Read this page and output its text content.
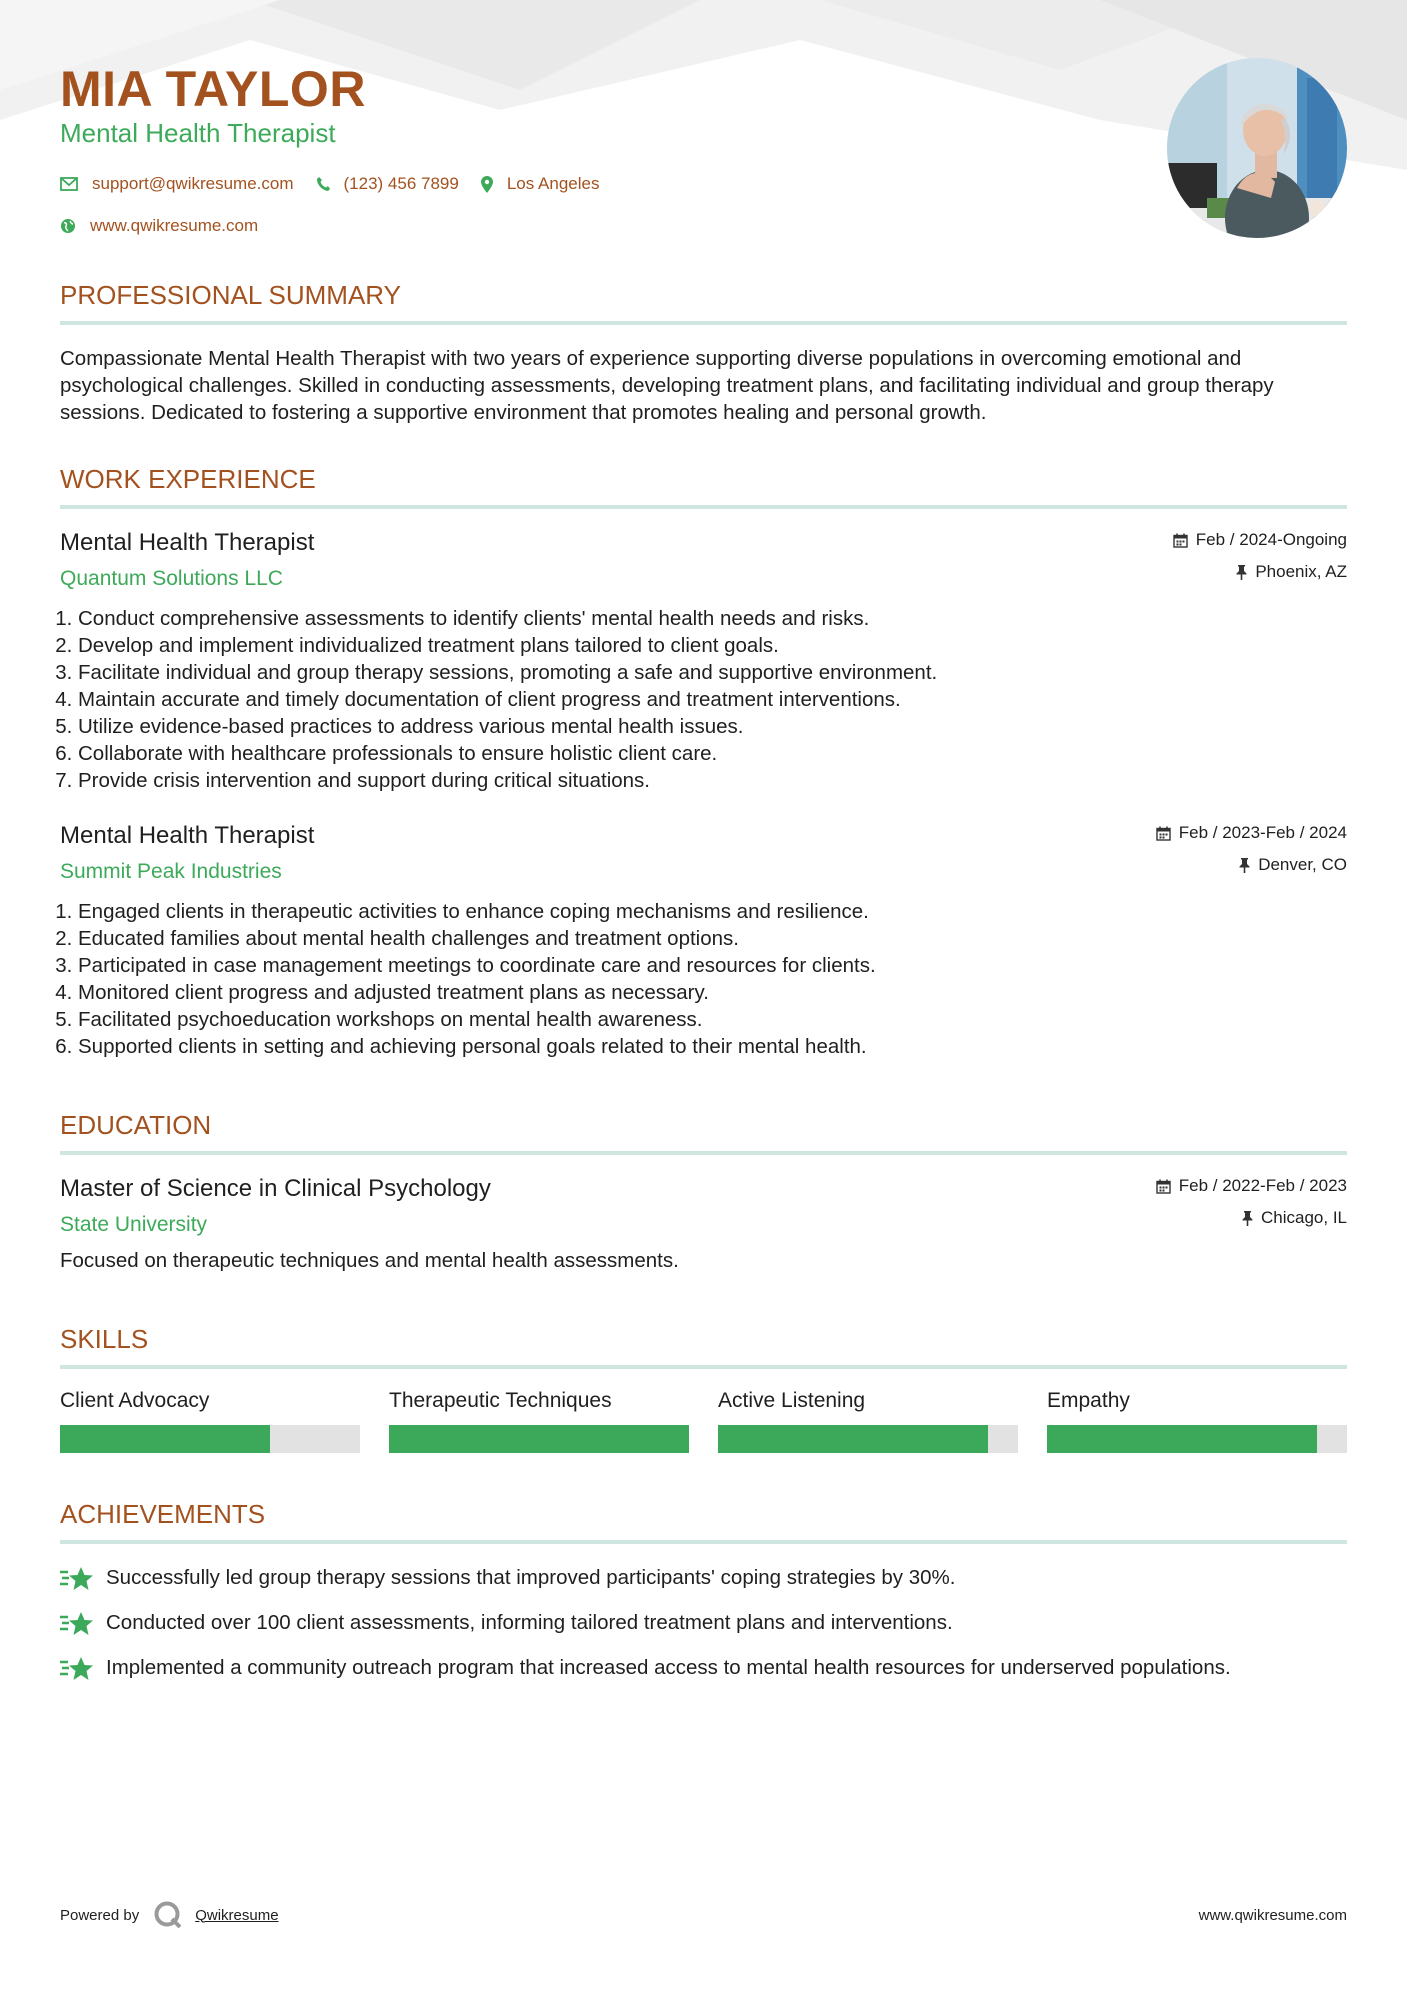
MIA TAYLOR
Mental Health Therapist
support@qwikresume.com	(123) 456 7899	Los Angeles
www.qwikresume.com
PROFESSIONAL SUMMARY

Compassionate Mental Health Therapist with two years of experience supporting diverse populations in overcoming emotional and psychological challenges. Skilled in conducting assessments, developing treatment plans, and facilitating individual and group therapy sessions. Dedicated to fostering a supportive environment that promotes healing and personal growth.

WORK EXPERIENCE
Mental Health Therapist
Quantum Solutions LLC
Feb / 2024-Ongoing
Phoenix, AZ
1. Conduct comprehensive assessments to identify clients' mental health needs and risks.
2. Develop and implement individualized treatment plans tailored to client goals.
3. Facilitate individual and group therapy sessions, promoting a safe and supportive environment.
4. Maintain accurate and timely documentation of client progress and treatment interventions.
5. Utilize evidence-based practices to address various mental health issues.
6. Collaborate with healthcare professionals to ensure holistic client care.
7. Provide crisis intervention and support during critical situations.
Mental Health Therapist
Summit Peak Industries
Feb / 2023-Feb / 2024
Denver, CO
1. Engaged clients in therapeutic activities to enhance coping mechanisms and resilience.
2. Educated families about mental health challenges and treatment options.
3. Participated in case management meetings to coordinate care and resources for clients.
4. Monitored client progress and adjusted treatment plans as necessary.
5. Facilitated psychoeducation workshops on mental health awareness.
6. Supported clients in setting and achieving personal goals related to their mental health.
EDUCATION
Master of Science in Clinical Psychology
State University
Feb / 2022-Feb / 2023
Chicago, IL

Focused on therapeutic techniques and mental health assessments.

SKILLS
Client Advocacy	Therapeutic Techniques	Active Listening	Empathy
ACHIEVEMENTS
Successfully led group therapy sessions that improved participants' coping strategies by 30%.
Conducted over 100 client assessments, informing tailored treatment plans and interventions.
Implemented a community outreach program that increased access to mental health resources for underserved populations.
Powered by	Qwikresume	www.qwikresume.com
